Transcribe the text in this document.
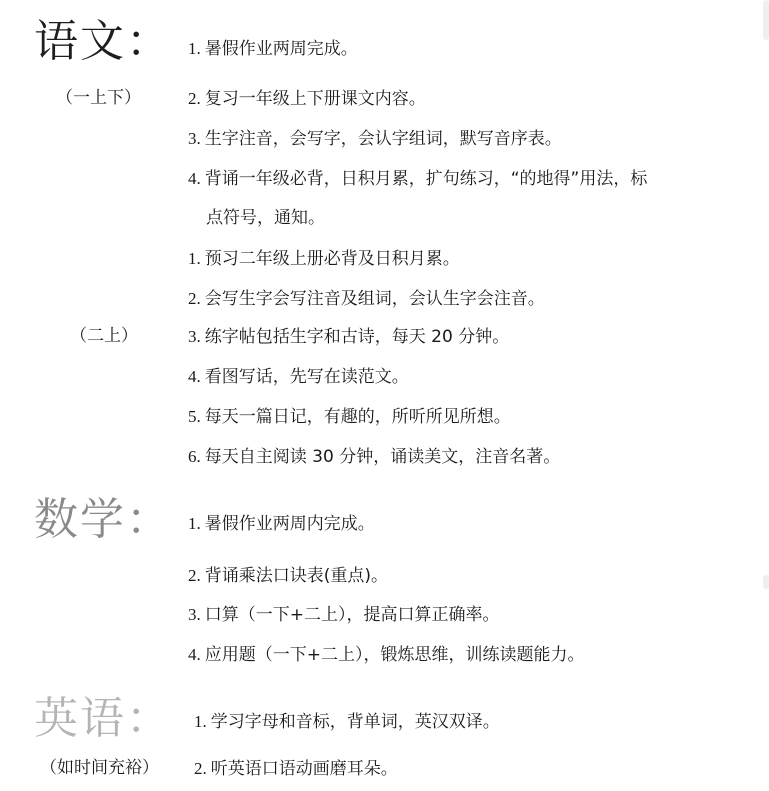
语文： 1. 暑假作业两周完成。
（一上下）	2. 复习一年级上下册课文内容。
3. 生字注音，会写字，会认字组词，默写音序表。
4. 背诵一年级必背，日积月累，扩句练习，“的地得”用法，标
点符号，通知。
1. 预习二年级上册必背及日积月累。
2. 会写生字会写注音及组词，会认生字会注音。
（二上）	3. 练字帖包括生字和古诗，每天 20 分钟。
4. 看图写话，先写在读范文。
5. 每天一篇日记，有趣的，所听所见所想。
6. 每天自主阅读 30 分钟，诵读美文，注音名著。
数学： 1. 暑假作业两周内完成。
2. 背诵乘法口诀表(重点)。
3. 口算（一下+二上），提高口算正确率。
4. 应用题（一下+二上），锻炼思维，训练读题能力。
英语： 1. 学习字母和音标，背单词，英汉双译。
（如时间充裕） 2. 听英语口语动画磨耳朵。
